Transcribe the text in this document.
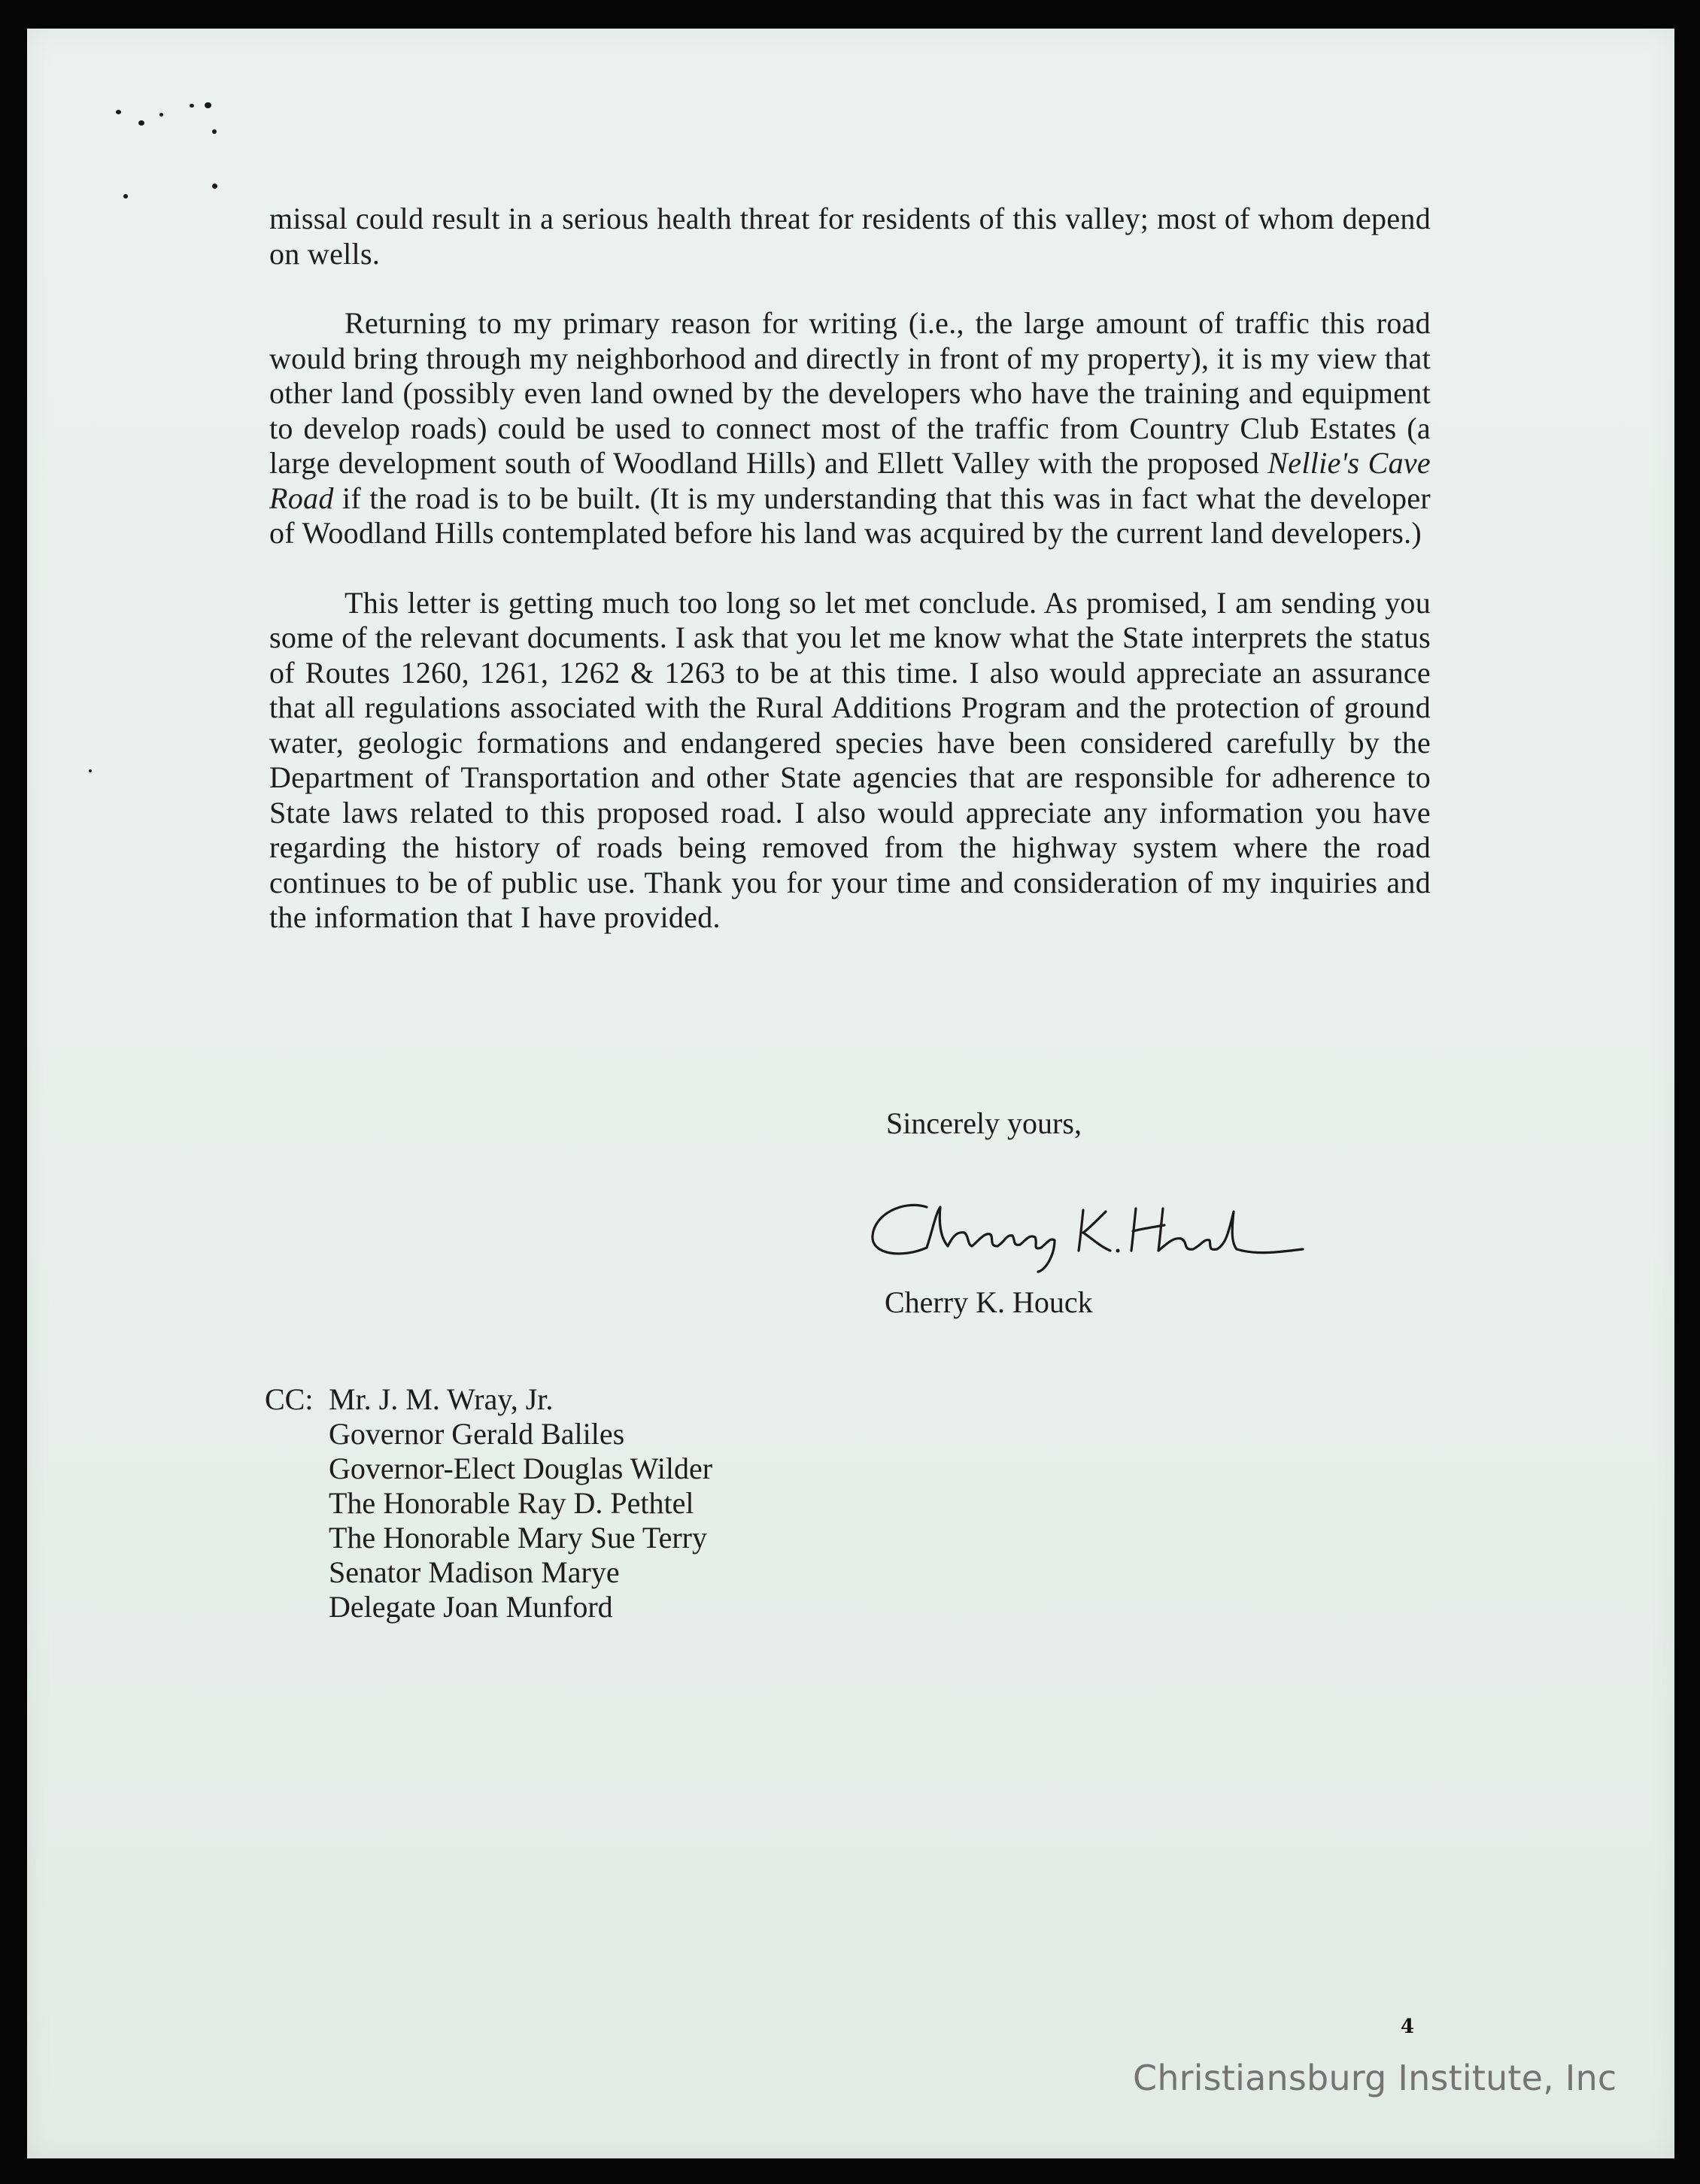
missal could result in a serious health threat for residents of this valley; most of whom depend on wells.

Returning to my primary reason for writing (i.e., the large amount of traffic this road would bring through my neighborhood and directly in front of my property), it is my view that other land (possibly even land owned by the developers who have the training and equipment to develop roads) could be used to connect most of the traffic from Country Club Estates (a large development south of Woodland Hills) and Ellett Valley with the proposed Nellie's Cave Road if the road is to be built. (It is my understanding that this was in fact what the developer of Woodland Hills contemplated before his land was acquired by the current land developers.)

This letter is getting much too long so let met conclude. As promised, I am sending you some of the relevant documents. I ask that you let me know what the State interprets the status of Routes 1260, 1261, 1262 & 1263 to be at this time. I also would appreciate an assurance that all regulations associated with the Rural Additions Program and the protection of ground water, geologic formations and endangered species have been considered carefully by the Department of Transportation and other State agencies that are responsible for adherence to State laws related to this proposed road. I also would appreciate any information you have regarding the history of roads being removed from the highway system where the road continues to be of public use. Thank you for your time and consideration of my inquiries and the information that I have provided.

Sincerely yours,
Cherry K. Houck
CC: Mr. J. M. Wray, Jr.
Governor Gerald Baliles
Governor-Elect Douglas Wilder
The Honorable Ray D. Pethtel
The Honorable Mary Sue Terry
Senator Madison Marye
Delegate Joan Munford
4
Christiansburg Institute, Inc
